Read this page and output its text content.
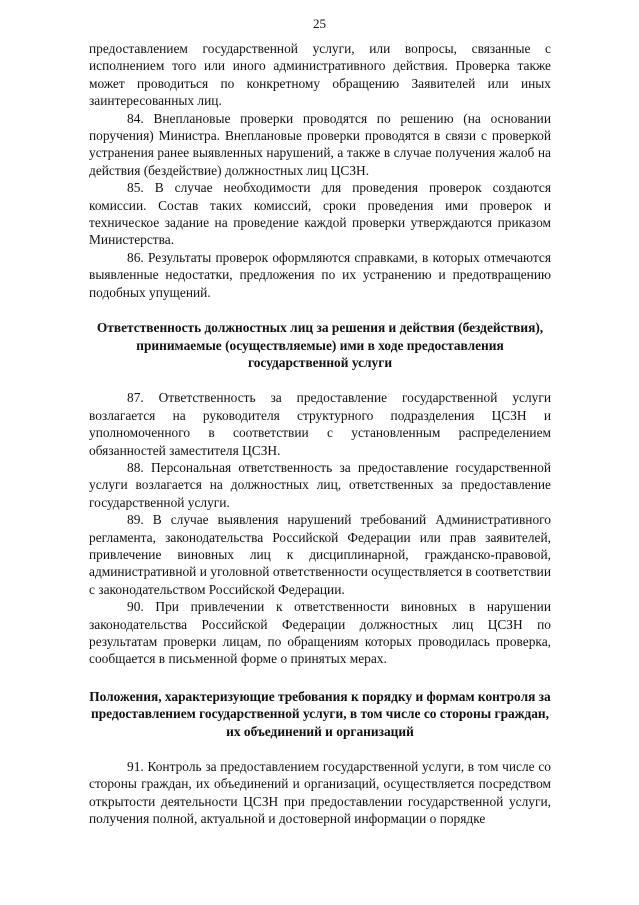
25

предоставлением государственной услуги, или вопросы, связанные с исполнением того или иного административного действия. Проверка также может проводиться по конкретному обращению Заявителей или иных заинтересованных лиц.

84. Внеплановые проверки проводятся по решению (на основании поручения) Министра. Внеплановые проверки проводятся в связи с проверкой устранения ранее выявленных нарушений, а также в случае получения жалоб на действия (бездействие) должностных лиц ЦСЗН.

85. В случае необходимости для проведения проверок создаются комиссии. Состав таких комиссий, сроки проведения ими проверок и техническое задание на проведение каждой проверки утверждаются приказом Министерства.

86. Результаты проверок оформляются справками, в которых отмечаются выявленные недостатки, предложения по их устранению и предотвращению подобных упущений.

Ответственность должностных лиц за решения и действия (бездействия), принимаемые (осуществляемые) ими в ходе предоставления государственной услуги

87. Ответственность за предоставление государственной услуги возлагается на руководителя структурного подразделения ЦСЗН и уполномоченного в соответствии с установленным распределением обязанностей заместителя ЦСЗН.

88. Персональная ответственность за предоставление государственной услуги возлагается на должностных лиц, ответственных за предоставление государственной услуги.

89. В случае выявления нарушений требований Административного регламента, законодательства Российской Федерации или прав заявителей, привлечение виновных лиц к дисциплинарной, гражданско-правовой, административной и уголовной ответственности осуществляется в соответствии с законодательством Российской Федерации.

90. При привлечении к ответственности виновных в нарушении законодательства Российской Федерации должностных лиц ЦСЗН по результатам проверки лицам, по обращениям которых проводилась проверка, сообщается в письменной форме о принятых мерах.

Положения, характеризующие требования к порядку и формам контроля за предоставлением государственной услуги, в том числе со стороны граждан, их объединений и организаций

91. Контроль за предоставлением государственной услуги, в том числе со стороны граждан, их объединений и организаций, осуществляется посредством открытости деятельности ЦСЗН при предоставлении государственной услуги, получения полной, актуальной и достоверной информации о порядке
